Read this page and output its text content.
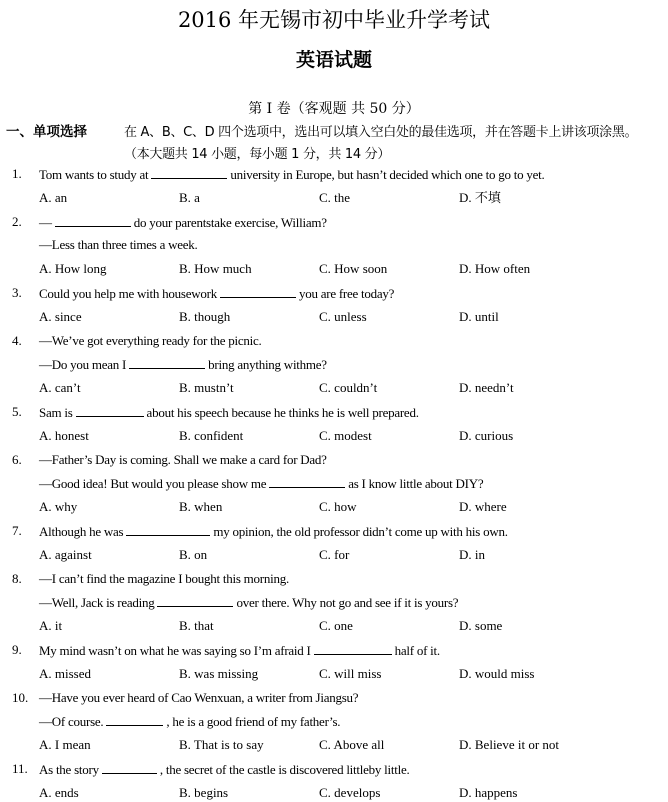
2016 年无锡市初中毕业升学考试
英语试题
第 I 卷（客观题 共 50 分）
一、单项选择	在 A、B、C、D 四个选项中，选出可以填入空白处的最佳选项，并在答题卡上讲该项涂黑。
（本大题共 14 小题，每小题 1 分，共 14 分）
1. Tom wants to study at	university in Europe, but hasn’t decided which one to go to yet.
A. an	B. a	C. the	D. 不填
2. —	do your parentstake exercise, William?
—Less than three times a week.
A. How long	B. How much	C. How soon	D. How often
3. Could you help me with housework	you are free today?
A. since	B. though	C. unless	D. until
4. —We’ve got everything ready for the picnic.
—Do you mean I	bring anything withme?
A. can’t	B. mustn’t	C. couldn’t	D. needn’t
5. Sam is	about his speech because he thinks he is well prepared.
A. honest	B. confident	C. modest	D. curious
6. —Father’s Day is coming. Shall we make a card for Dad?
—Good idea! But would you please show me	as I know little about DIY?
A. why	B. when	C. how	D. where
7. Although he was	my opinion, the old professor didn’t come up with his own.
A. against	B. on	C. for	D. in
8. —I can’t find the magazine I bought this morning.
—Well, Jack is reading	over there. Why not go and see if it is yours?
A. it	B. that	C. one	D. some
9. My mind wasn’t on what he was saying so I’m afraid I	half of it.
A. missed	B. was missing	C. will miss	D. would miss
10. —Have you ever heard of Cao Wenxuan, a writer from Jiangsu?
—Of course.	, he is a good friend of my father’s.
A. I mean	B. That is to say	C. Above all	D. Believe it or not
11. As the story	, the secret of the castle is discovered littleby little.
A. ends	B. begins	C. develops	D. happens
